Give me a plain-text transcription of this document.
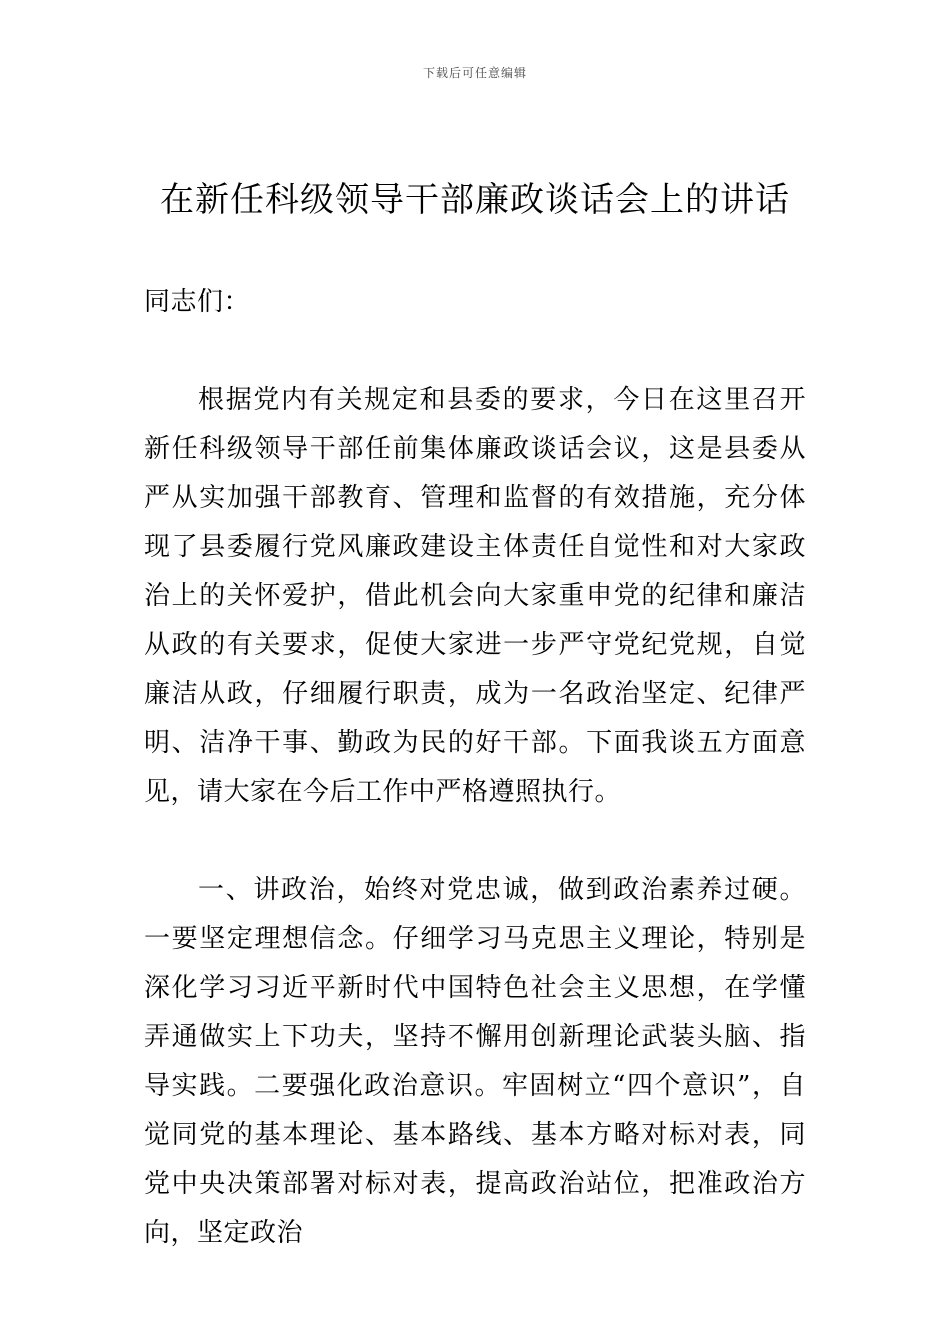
下载后可任意编辑
在新任科级领导干部廉政谈话会上的讲话

同志们：

根据党内有关规定和县委的要求，今日在这里召开新任科级领导干部任前集体廉政谈话会议，这是县委从严从实加强干部教育、管理和监督的有效措施，充分体现了县委履行党风廉政建设主体责任自觉性和对大家政治上的关怀爱护，借此机会向大家重申党的纪律和廉洁从政的有关要求，促使大家进一步严守党纪党规，自觉廉洁从政，仔细履行职责，成为一名政治坚定、纪律严明、洁净干事、勤政为民的好干部。下面我谈五方面意见，请大家在今后工作中严格遵照执行。

一、讲政治，始终对党忠诚，做到政治素养过硬。一要坚定理想信念。仔细学习马克思主义理论，特别是深化学习习近平新时代中国特色社会主义思想，在学懂弄通做实上下功夫，坚持不懈用创新理论武装头脑、指导实践。二要强化政治意识。牢固树立“四个意识”，自觉同党的基本理论、基本路线、基本方略对标对表，同党中央决策部署对标对表，提高政治站位，把准政治方向，坚定政治
